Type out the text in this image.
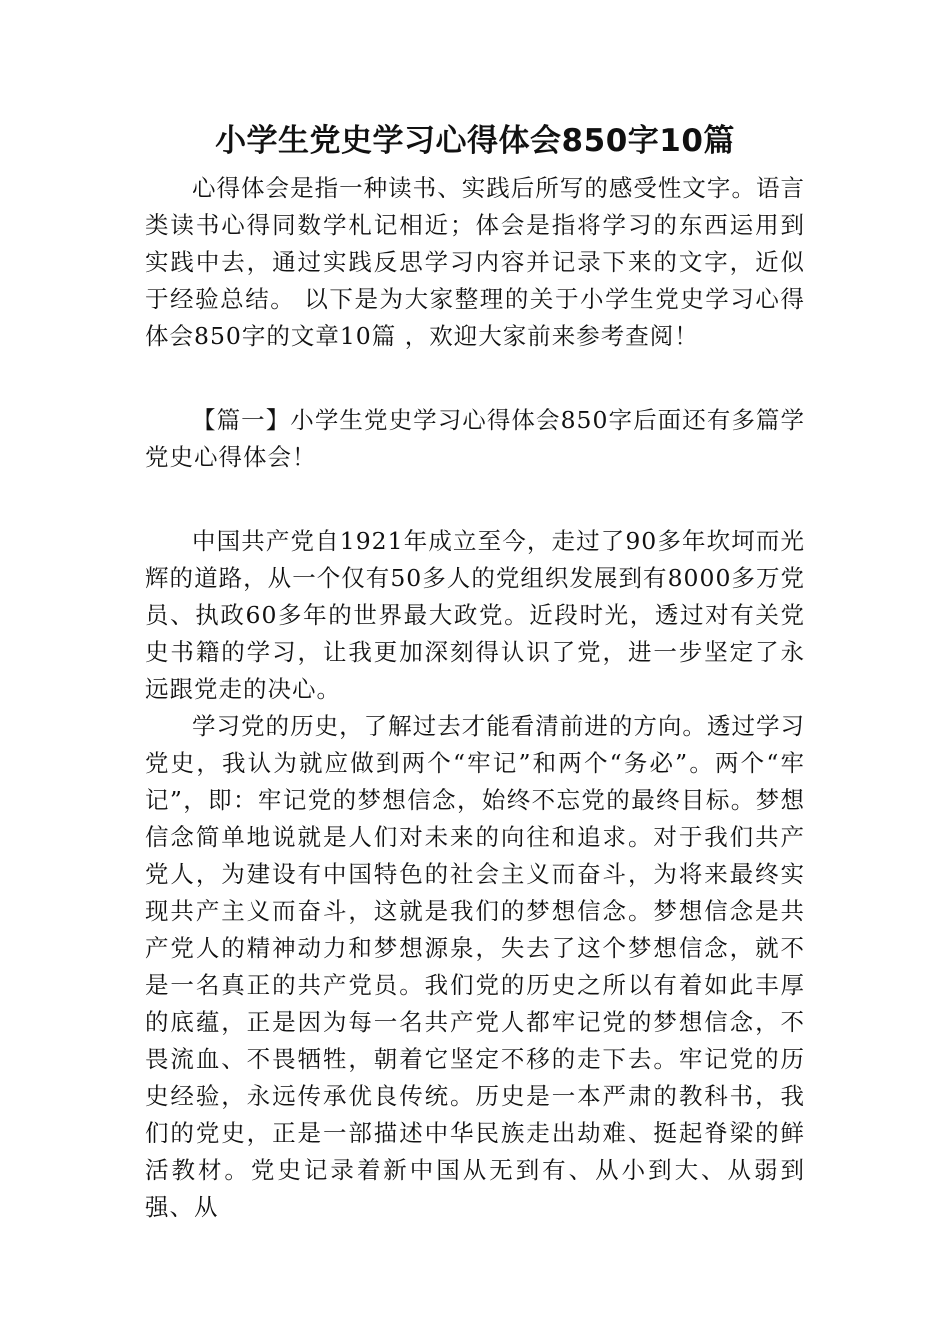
小学生党史学习心得体会850字10篇

心得体会是指一种读书、实践后所写的感受性文字。语言类读书心得同数学札记相近；体会是指将学习的东西运用到实践中去，通过实践反思学习内容并记录下来的文字，近似于经验总结。 以下是为大家整理的关于小学生党史学习心得体会850字的文章10篇 ，欢迎大家前来参考查阅！

【篇一】小学生党史学习心得体会850字后面还有多篇学党史心得体会！

中国共产党自1921年成立至今，走过了90多年坎坷而光辉的道路，从一个仅有50多人的党组织发展到有8000多万党员、执政60多年的世界最大政党。近段时光，透过对有关党史书籍的学习，让我更加深刻得认识了党，进一步坚定了永远跟党走的决心。

学习党的历史，了解过去才能看清前进的方向。透过学习党史，我认为就应做到两个“牢记”和两个“务必”。两个“牢记”，即：牢记党的梦想信念，始终不忘党的最终目标。梦想信念简单地说就是人们对未来的向往和追求。对于我们共产党人，为建设有中国特色的社会主义而奋斗，为将来最终实现共产主义而奋斗，这就是我们的梦想信念。梦想信念是共产党人的精神动力和梦想源泉，失去了这个梦想信念，就不是一名真正的共产党员。我们党的历史之所以有着如此丰厚的底蕴，正是因为每一名共产党人都牢记党的梦想信念，不畏流血、不畏牺牲，朝着它坚定不移的走下去。牢记党的历史经验，永远传承优良传统。历史是一本严肃的教科书，我们的党史，正是一部描述中华民族走出劫难、挺起脊梁的鲜活教材。党史记录着新中国从无到有、从小到大、从弱到强、从
